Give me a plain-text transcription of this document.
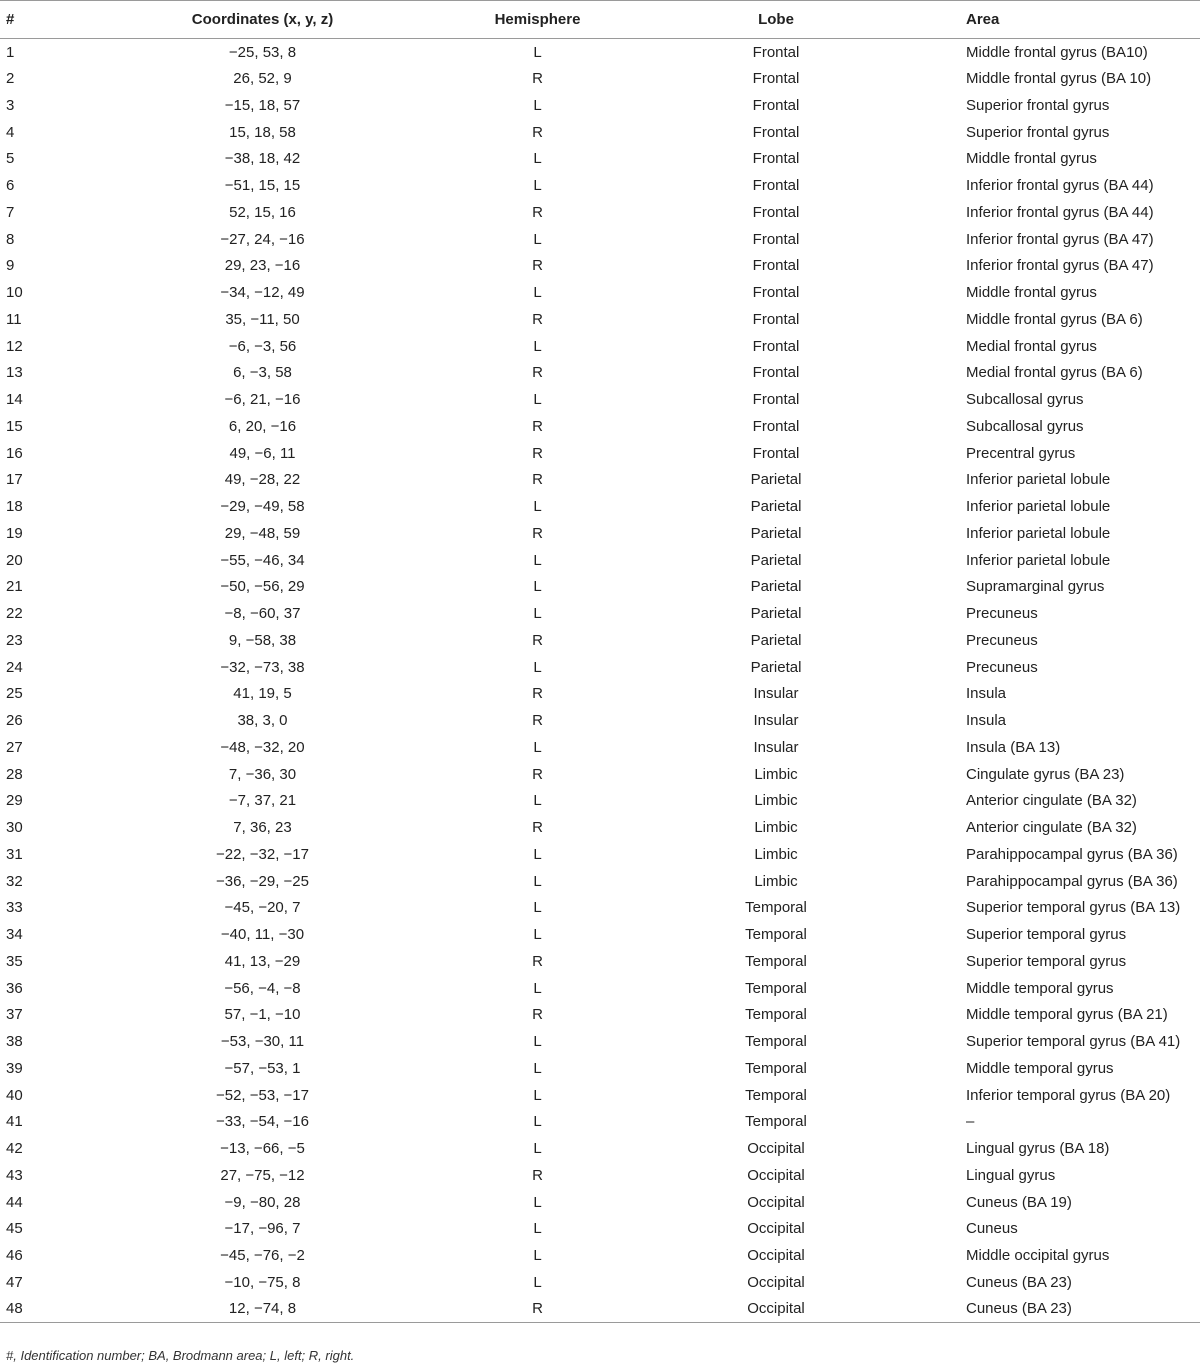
#	Coordinates (x, y, z)	Hemisphere	Lobe	Area
1	−25, 53, 8	L	Frontal	Middle frontal gyrus (BA10)
2	26, 52, 9	R	Frontal	Middle frontal gyrus (BA 10)
3	−15, 18, 57	L	Frontal	Superior frontal gyrus
4	15, 18, 58	R	Frontal	Superior frontal gyrus
5	−38, 18, 42	L	Frontal	Middle frontal gyrus
6	−51, 15, 15	L	Frontal	Inferior frontal gyrus (BA 44)
7	52, 15, 16	R	Frontal	Inferior frontal gyrus (BA 44)
8	−27, 24, −16	L	Frontal	Inferior frontal gyrus (BA 47)
9	29, 23, −16	R	Frontal	Inferior frontal gyrus (BA 47)
10	−34, −12, 49	L	Frontal	Middle frontal gyrus
11	35, −11, 50	R	Frontal	Middle frontal gyrus (BA 6)
12	−6, −3, 56	L	Frontal	Medial frontal gyrus
13	6, −3, 58	R	Frontal	Medial frontal gyrus (BA 6)
14	−6, 21, −16	L	Frontal	Subcallosal gyrus
15	6, 20, −16	R	Frontal	Subcallosal gyrus
16	49, −6, 11	R	Frontal	Precentral gyrus
17	49, −28, 22	R	Parietal	Inferior parietal lobule
18	−29, −49, 58	L	Parietal	Inferior parietal lobule
19	29, −48, 59	R	Parietal	Inferior parietal lobule
20	−55, −46, 34	L	Parietal	Inferior parietal lobule
21	−50, −56, 29	L	Parietal	Supramarginal gyrus
22	−8, −60, 37	L	Parietal	Precuneus
23	9, −58, 38	R	Parietal	Precuneus
24	−32, −73, 38	L	Parietal	Precuneus
25	41, 19, 5	R	Insular	Insula
26	38, 3, 0	R	Insular	Insula
27	−48, −32, 20	L	Insular	Insula (BA 13)
28	7, −36, 30	R	Limbic	Cingulate gyrus (BA 23)
29	−7, 37, 21	L	Limbic	Anterior cingulate (BA 32)
30	7, 36, 23	R	Limbic	Anterior cingulate (BA 32)
31	−22, −32, −17	L	Limbic	Parahippocampal gyrus (BA 36)
32	−36, −29, −25	L	Limbic	Parahippocampal gyrus (BA 36)
33	−45, −20, 7	L	Temporal	Superior temporal gyrus (BA 13)
34	−40, 11, −30	L	Temporal	Superior temporal gyrus
35	41, 13, −29	R	Temporal	Superior temporal gyrus
36	−56, −4, −8	L	Temporal	Middle temporal gyrus
37	57, −1, −10	R	Temporal	Middle temporal gyrus (BA 21)
38	−53, −30, 11	L	Temporal	Superior temporal gyrus (BA 41)
39	−57, −53, 1	L	Temporal	Middle temporal gyrus
40	−52, −53, −17	L	Temporal	Inferior temporal gyrus (BA 20)
41	−33, −54, −16	L	Temporal	–
42	−13, −66, −5	L	Occipital	Lingual gyrus (BA 18)
43	27, −75, −12	R	Occipital	Lingual gyrus
44	−9, −80, 28	L	Occipital	Cuneus (BA 19)
45	−17, −96, 7	L	Occipital	Cuneus
46	−45, −76, −2	L	Occipital	Middle occipital gyrus
47	−10, −75, 8	L	Occipital	Cuneus (BA 23)
48	12, −74, 8	R	Occipital	Cuneus (BA 23)
#, Identification number; BA, Brodmann area; L, left; R, right.
